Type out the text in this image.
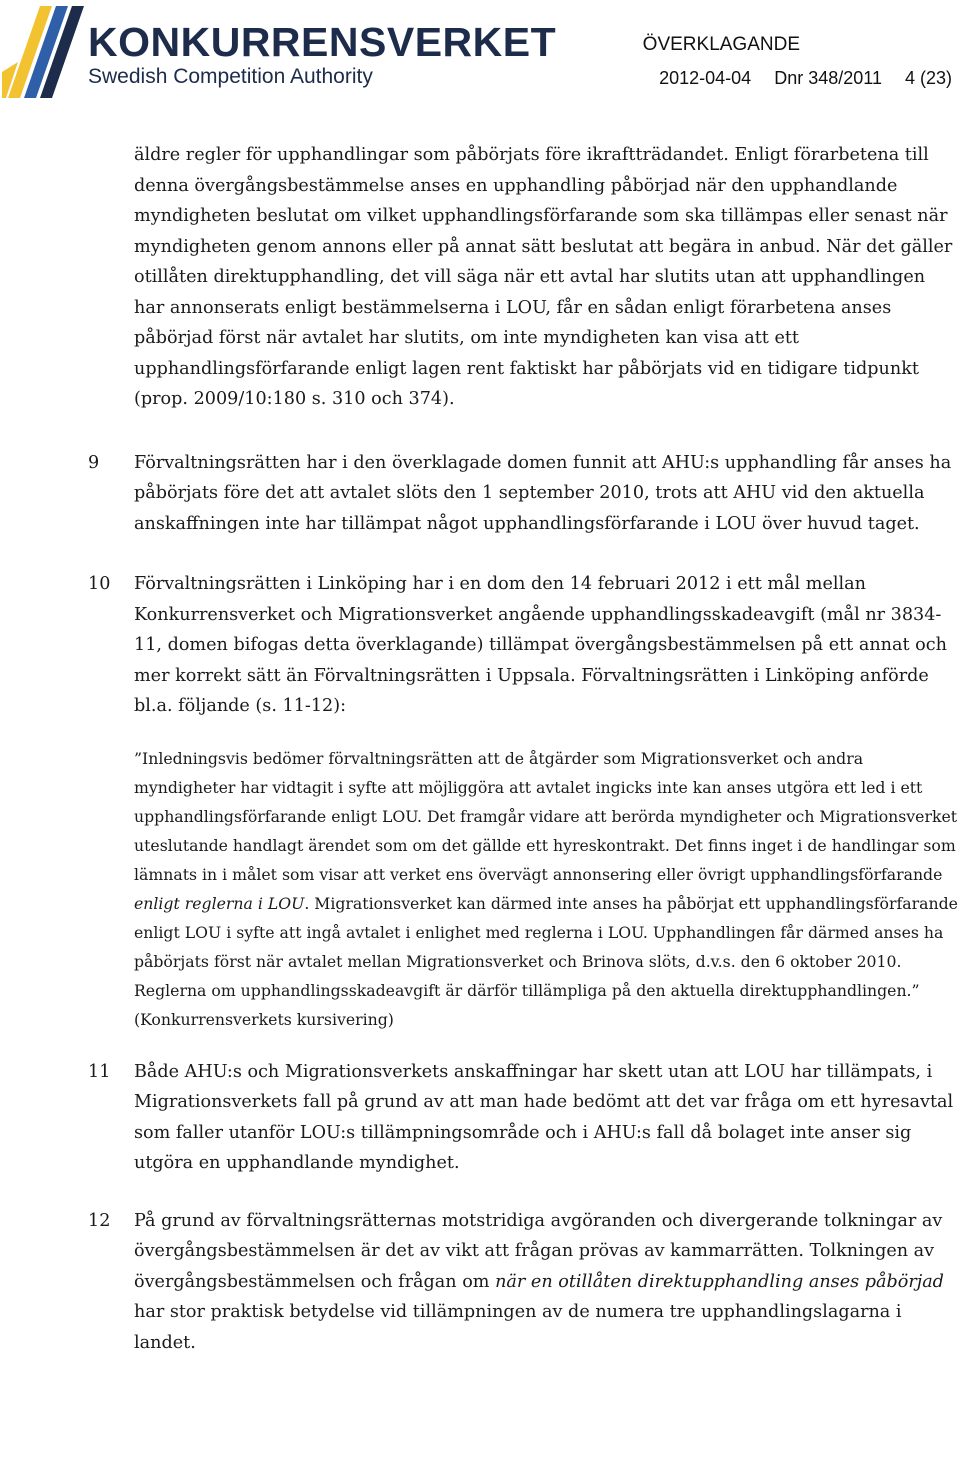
KONKURRENSVERKET
Swedish Competition Authority
ÖVERKLAGANDE
2012-04-04 Dnr 348/2011 4 (23)
äldre regler för upphandlingar som påbörjats före ikraftträdandet. Enligt förarbetena till denna övergångsbestämmelse anses en upphandling påbörjad när den upphandlande myndigheten beslutat om vilket upphandlingsförfarande som ska tillämpas eller senast när myndigheten genom annons eller på annat sätt beslutat att begära in anbud. När det gäller otillåten direktupphandling, det vill säga när ett avtal har slutits utan att upphandlingen har annonserats enligt bestämmelserna i LOU, får en sådan enligt förarbetena anses påbörjad först när avtalet har slutits, om inte myndigheten kan visa att ett upphandlingsförfarande enligt lagen rent faktiskt har påbörjats vid en tidigare tidpunkt (prop. 2009/10:180 s. 310 och 374).
9 Förvaltningsrätten har i den överklagade domen funnit att AHU:s upphandling får anses ha påbörjats före det att avtalet slöts den 1 september 2010, trots att AHU vid den aktuella anskaffningen inte har tillämpat något upphandlingsförfarande i LOU över huvud taget.
10 Förvaltningsrätten i Linköping har i en dom den 14 februari 2012 i ett mål mellan Konkurrensverket och Migrationsverket angående upphandlingsskadeavgift (mål nr 3834-11, domen bifogas detta överklagande) tillämpat övergångsbestämmelsen på ett annat och mer korrekt sätt än Förvaltningsrätten i Uppsala. Förvaltningsrätten i Linköping anförde bl.a. följande (s. 11-12):
”Inledningsvis bedömer förvaltningsrätten att de åtgärder som Migrationsverket och andra myndigheter har vidtagit i syfte att möjliggöra att avtalet ingicks inte kan anses utgöra ett led i ett upphandlingsförfarande enligt LOU. Det framgår vidare att berörda myndigheter och Migrationsverket uteslutande handlagt ärendet som om det gällde ett hyreskontrakt. Det finns inget i de handlingar som lämnats in i målet som visar att verket ens övervägt annonsering eller övrigt upphandlingsförfarande enligt reglerna i LOU. Migrationsverket kan därmed inte anses ha påbörjat ett upphandlingsförfarande enligt LOU i syfte att ingå avtalet i enlighet med reglerna i LOU. Upphandlingen får därmed anses ha påbörjats först när avtalet mellan Migrationsverket och Brinova slöts, d.v.s. den 6 oktober 2010. Reglerna om upphandlingsskadeavgift är därför tillämpliga på den aktuella direktupphandlingen.” (Konkurrensverkets kursivering)
11 Både AHU:s och Migrationsverkets anskaffningar har skett utan att LOU har tillämpats, i Migrationsverkets fall på grund av att man hade bedömt att det var fråga om ett hyresavtal som faller utanför LOU:s tillämpningsområde och i AHU:s fall då bolaget inte anser sig utgöra en upphandlande myndighet.
12 På grund av förvaltningsrätternas motstridiga avgöranden och divergerande tolkningar av övergångsbestämmelsen är det av vikt att frågan prövas av kammarrätten. Tolkningen av övergångsbestämmelsen och frågan om när en otillåten direktupphandling anses påbörjad har stor praktisk betydelse vid tillämpningen av de numera tre upphandlingslagarna i landet.
